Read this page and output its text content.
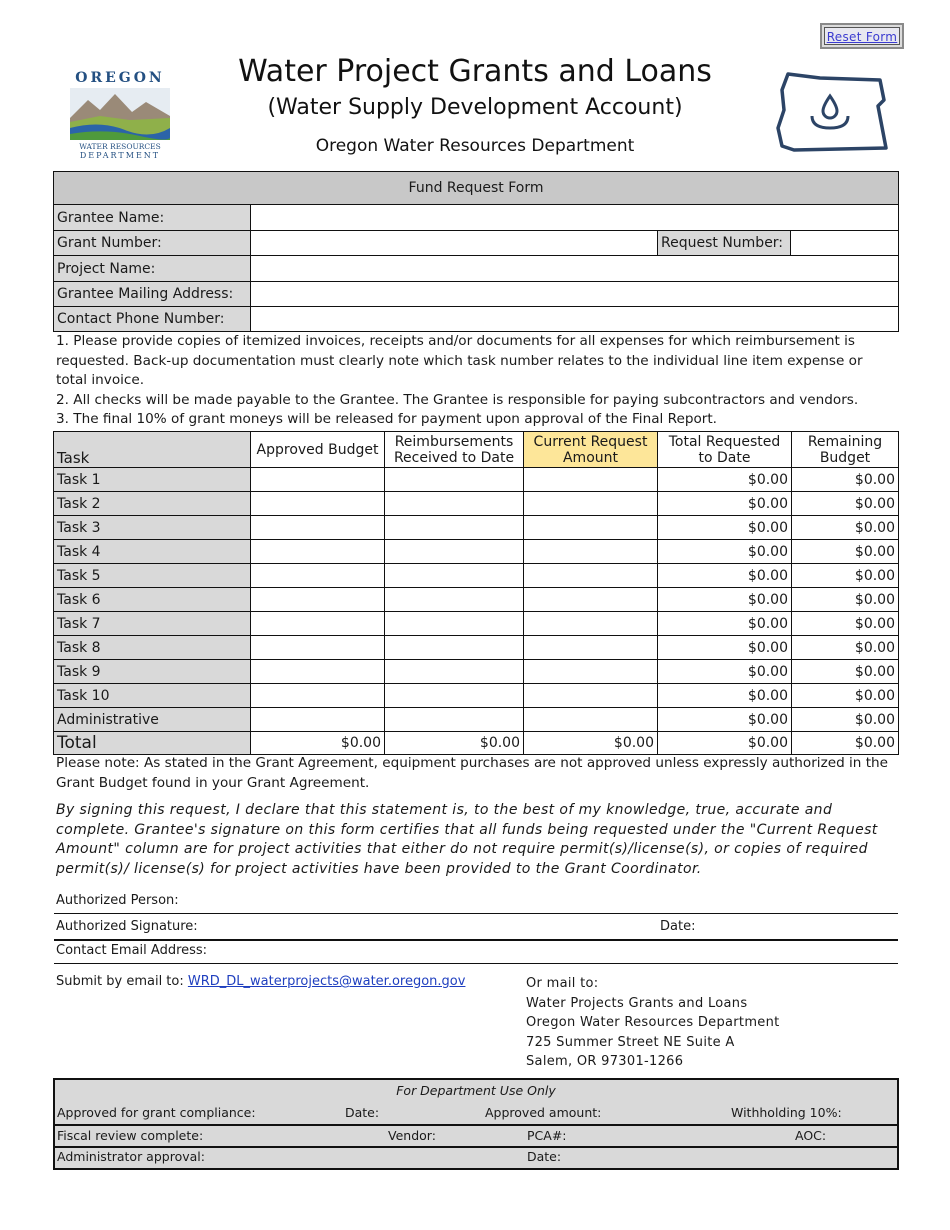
Reset Form
OREGON
WATER RESOURCES
DEPARTMENT
Water Project Grants and Loans
(Water Supply Development Account)
Oregon Water Resources Department
Fund Request Form			
Grantee Name:			
Grant Number:		Request Number:	
Project Name:			
Grantee Mailing Address:			
Contact Phone Number:			
1. Please provide copies of itemized invoices, receipts and/or documents for all expenses for which reimbursement is requested. Back-up documentation must clearly note which task number relates to the individual line item expense or total invoice.
2. All checks will be made payable to the Grantee. The Grantee is responsible for paying subcontractors and vendors.
3. The final 10% of grant moneys will be released for payment upon approval of the Final Report.
Task	Approved Budget	Reimbursements Received to Date	Current Request Amount	Total Requested to Date	Remaining Budget
Task 1				$0.00	$0.00
Task 2				$0.00	$0.00
Task 3				$0.00	$0.00
Task 4				$0.00	$0.00
Task 5				$0.00	$0.00
Task 6				$0.00	$0.00
Task 7				$0.00	$0.00
Task 8				$0.00	$0.00
Task 9				$0.00	$0.00
Task 10				$0.00	$0.00
Administrative				$0.00	$0.00
Total	$0.00	$0.00	$0.00	$0.00	$0.00
Please note: As stated in the Grant Agreement, equipment purchases are not approved unless expressly authorized in the Grant Budget found in your Grant Agreement.
By signing this request, I declare that this statement is, to the best of my knowledge, true, accurate and complete. Grantee's signature on this form certifies that all funds being requested under the "Current Request Amount" column are for project activities that either do not require permit(s)/license(s), or copies of required permit(s)/ license(s) for project activities have been provided to the Grant Coordinator.
Authorized Person:
Authorized Signature:	Date:
Contact Email Address:
Submit by email to: WRD_DL_waterprojects@water.oregon.gov	Or mail to:
Water Projects Grants and Loans
Oregon Water Resources Department
725 Summer Street NE Suite A
Salem, OR 97301-1266
For Department Use Only
Approved for grant compliance:	Date:	Approved amount:	Withholding 10%:
Fiscal review complete:	Vendor:	PCA#:	AOC:
Administrator approval:	Date:
